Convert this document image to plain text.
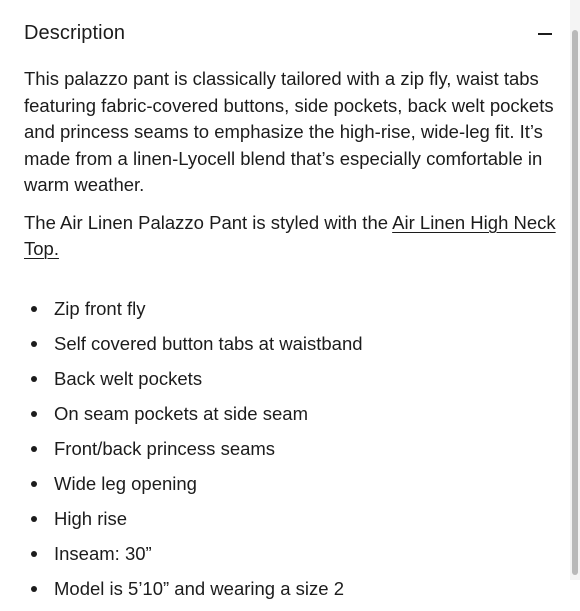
Description

This palazzo pant is classically tailored with a zip fly, waist tabs featuring fabric-covered buttons, side pockets, back welt pockets and princess seams to emphasize the high-rise, wide-leg fit. It’s made from a linen-Lyocell blend that’s especially comfortable in warm weather.

The Air Linen Palazzo Pant is styled with the Air Linen High Neck Top.

Zip front fly
Self covered button tabs at waistband
Back welt pockets
On seam pockets at side seam
Front/back princess seams
Wide leg opening
High rise
Inseam: 30”
Model is 5’10” and wearing a size 2
